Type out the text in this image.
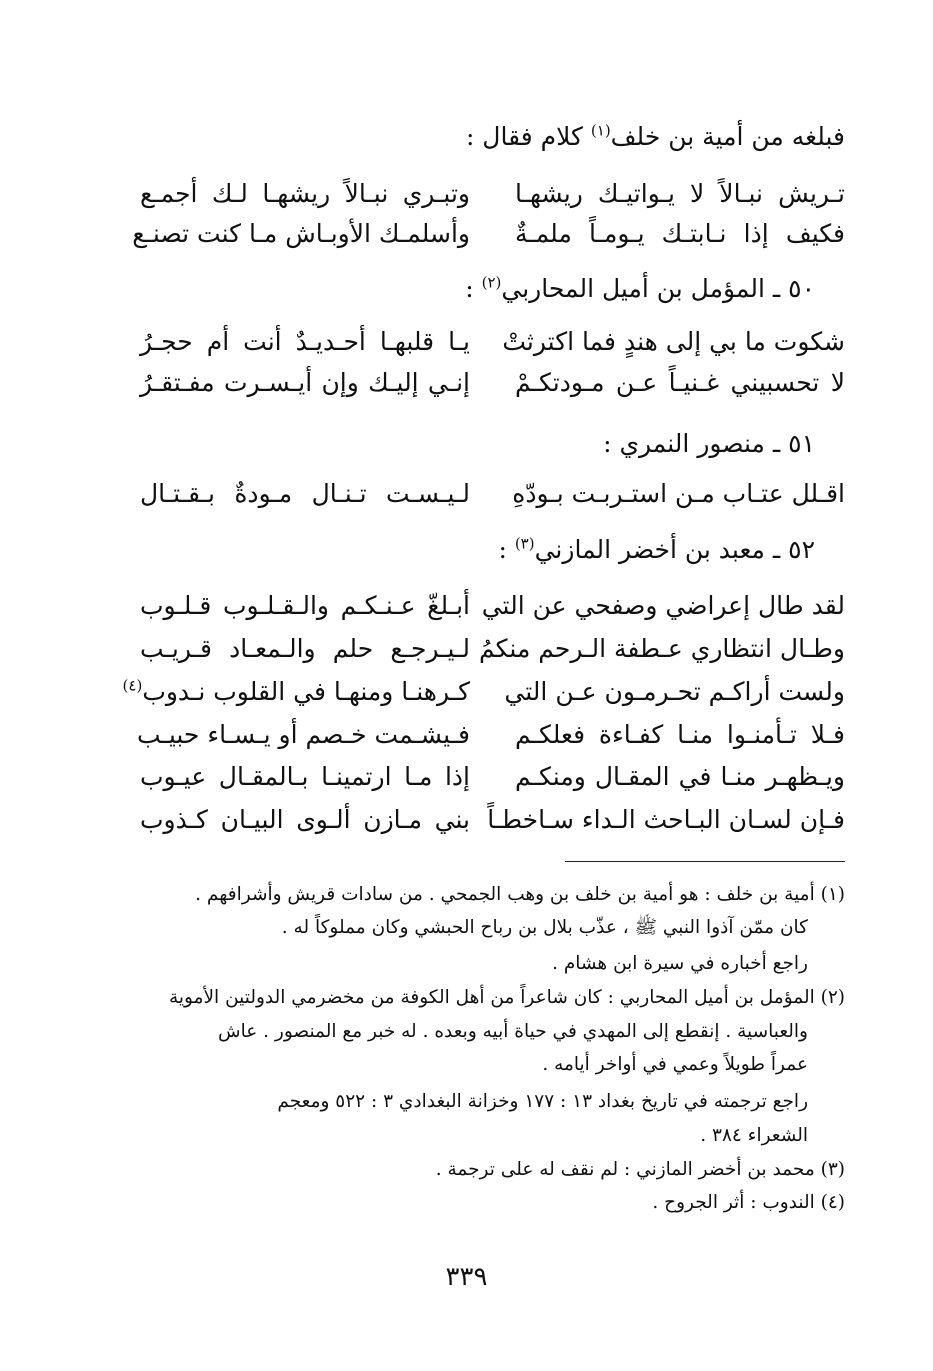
فبلغه من أمية بن خلف$^{(١)}$ كلام فقال :
تـريش نبـالاً لا يـواتيـك ريشهـا
وتبـري نبـالاً ريشهـا لـك أجمـع
فكيف إذا نـابتـك يـومـاً ملمـةٌ
وأسلمـك الأوبـاش مـا كنت تصنـع
٥٠ ـ المؤمل بن أميل المحاربي$^{(٢)}$ :
شكوت ما بي إلى هندٍ فما اكترثتْ
يـا قلبهـا أحـديـدٌ أنت أم حجـرُ
لا تحسبيني غـنيـاً عـن مـودتكـمْ
إنـي إليـك وإن أيـسـرت مفـتقـرُ
٥١ ـ منصور النمري :
اقـلل عتـاب مـن استـربـت بـودّهِ
لـيـسـت تـنـال مـودةٌ بـقـتـال
٥٢ ـ معبد بن أخضر المازني$^{(٣)}$ :
لقد طال إعراضي وصفحي عن التي
أبـلغّ عـنـكـم والـقـلـوب قـلـوب
وطـال انتظاري عـطفة الـرحم منكمُ
لـيـرجـع حلم والـمعـاد قـريـب
ولست أراكـم تحـرمـون عـن التي
كـرهنـا ومنهـا في القلوب نـدوب$^{(٤)}$
فـلا تـأمنـوا منـا كفـاءة فعلكـم
فـيشـمت خـصم أو يـسـاء حبيـب
ويـظهـر منـا في المقـال ومنكـم
إذا مـا ارتمينـا بـالمقـال عيـوب
فـإن لسـان البـاحث الـداء سـاخطـاً
بني مـازن ألـوى البيـان كـذوب
(١) أمية بن خلف : هو أمية بن خلف بن وهب الجمحي . من سادات قريش وأشرافهم .
كان ممّن آذوا النبي ﷺ ، عذّب بلال بن رباح الحبشي وكان مملوكاً له .
راجع أخباره في سيرة ابن هشام .
(٢) المؤمل بن أميل المحاربي : كان شاعراً من أهل الكوفة من مخضرمي الدولتين الأموية
والعباسية . إنقطع إلى المهدي في حياة أبيه وبعده . له خبر مع المنصور . عاش
عمراً طويلاً وعمي في أواخر أيامه .
راجع ترجمته في تاريخ بغداد ١٣ : ١٧٧ وخزانة البغدادي ٣ : ٥٢٢ ومعجم
الشعراء ٣٨٤ .
(٣) محمد بن أخضر المازني : لم نقف له على ترجمة .
(٤) الندوب : أثر الجروح .
٣٣٩
